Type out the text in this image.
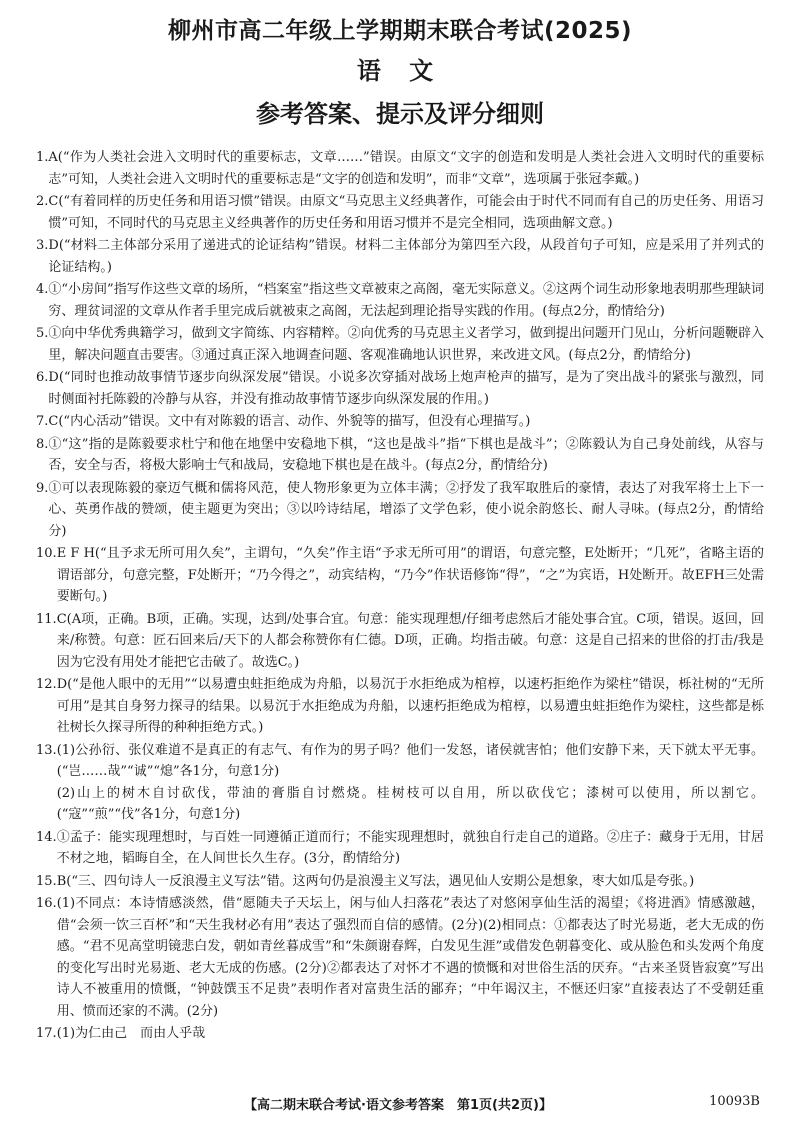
柳州市高二年级上学期期末联合考试(2025)
语 文
参考答案、提示及评分细则
1. A(“作为人类社会进入文明时代的重要标志，文章……”错误。由原文“文字的创造和发明是人类社会进入文明时代的重要标志”可知，人类社会进入文明时代的重要标志是“文字的创造和发明”，而非“文章”，选项属于张冠李戴。)
2. C(“有着同样的历史任务和用语习惯”错误。由原文“马克思主义经典著作，可能会由于时代不同而有自己的历史任务、用语习惯”可知，不同时代的马克思主义经典著作的历史任务和用语习惯并不是完全相同，选项曲解文意。)
3. D(“材料二主体部分采用了递进式的论证结构”错误。材料二主体部分为第四至六段，从段首句子可知，应是采用了并列式的论证结构。)
4. ①“小房间”指写作这些文章的场所，“档案室”指这些文章被束之高阁，毫无实际意义。②这两个词生动形象地表明那些理缺词穷、理贫词涩的文章从作者手里完成后就被束之高阁，无法起到理论指导实践的作用。(每点2分，酌情给分)
5. ①向中华优秀典籍学习，做到文字简练、内容精粹。②向优秀的马克思主义者学习，做到提出问题开门见山，分析问题鞭辟入里，解决问题直击要害。③通过真正深入地调查问题、客观准确地认识世界，来改进文风。(每点2分，酌情给分)
6. D(“同时也推动故事情节逐步向纵深发展”错误。小说多次穿插对战场上炮声枪声的描写，是为了突出战斗的紧张与激烈，同时侧面衬托陈毅的冷静与从容，并没有推动故事情节逐步向纵深发展的作用。)
7. C(“内心活动”错误。文中有对陈毅的语言、动作、外貌等的描写，但没有心理描写。)
8. ①“这”指的是陈毅要求杜宁和他在地堡中安稳地下棋，“这也是战斗”指“下棋也是战斗”；②陈毅认为自己身处前线，从容与否，安全与否，将极大影响士气和战局，安稳地下棋也是在战斗。(每点2分，酌情给分)
9. ①可以表现陈毅的豪迈气概和儒将风范，使人物形象更为立体丰满；②抒发了我军取胜后的豪情，表达了对我军将士上下一心、英勇作战的赞颂，使主题更为突出；③以吟诗结尾，增添了文学色彩，使小说余韵悠长、耐人寻味。(每点2分，酌情给分)
10. E F H(“且予求无所可用久矣”，主谓句，“久矣”作主语“予求无所可用”的谓语，句意完整，E处断开；“几死”，省略主语的谓语部分，句意完整，F处断开；“乃今得之”，动宾结构，“乃今”作状语修饰“得”，“之”为宾语，H处断开。故EFH三处需要断句。)
11. C(A项，正确。B项，正确。实现，达到/处事合宜。句意：能实现理想/仔细考虑然后才能处事合宜。C项，错误。返回，回来/称赞。句意：匠石回来后/天下的人都会称赞你有仁德。D项，正确。均指击破。句意：这是自己招来的世俗的打击/我是因为它没有用处才能把它击破了。故选C。)
12. D(“是他人眼中的无用”“以易遭虫蛀拒绝成为舟船，以易沉于水拒绝成为棺椁，以速朽拒绝作为梁柱”错误，栎社树的“无所可用”是其自身努力探寻的结果。以易沉于水拒绝成为舟船，以速朽拒绝成为棺椁，以易遭虫蛀拒绝作为梁柱，这些都是栎社树长久探寻所得的种种拒绝方式。)
13. (1)公孙衍、张仪难道不是真正的有志气、有作为的男子吗？他们一发怒，诸侯就害怕；他们安静下来，天下就太平无事。(“岂……哉”“诚”“熄”各1分，句意1分)
(2)山上的树木自讨砍伐，带油的膏脂自讨燃烧。桂树枝可以自用，所以砍伐它；漆树可以使用，所以割它。(“寇”“煎”“伐”各1分，句意1分)
14. ①孟子：能实现理想时，与百姓一同遵循正道而行；不能实现理想时，就独自行走自己的道路。②庄子：藏身于无用，甘居不材之地，韬晦自全，在人间世长久生存。(3分，酌情给分)
15. B(“三、四句诗人一反浪漫主义写法”错。这两句仍是浪漫主义写法，遇见仙人安期公是想象，枣大如瓜是夸张。)
16. (1)不同点：本诗情感淡然，借“愿随夫子天坛上，闲与仙人扫落花”表达了对悠闲享仙生活的渴望；《将进酒》情感激越，借“会须一饮三百杯”和“天生我材必有用”表达了强烈而自信的感情。(2分)(2)相同点：①都表达了时光易逝，老大无成的伤感。“君不见高堂明镜悲白发，朝如青丝暮成雪”和“朱颜谢春辉，白发见生涯”或借发色朝暮变化、或从脸色和头发两个角度的变化写出时光易逝、老大无成的伤感。(2分)②都表达了对怀才不遇的愤慨和对世俗生活的厌弃。“古来圣贤皆寂寞”写出诗人不被重用的愤慨，“钟鼓馔玉不足贵”表明作者对富贵生活的鄙弃；“中年谒汉主，不惬还归家”直接表达了不受朝廷重用、愤而还家的不满。(2分)
17. (1)为仁由己　而由人乎哉
【高二期末联合考试·语文参考答案　第1页(共2页)】	10093B
